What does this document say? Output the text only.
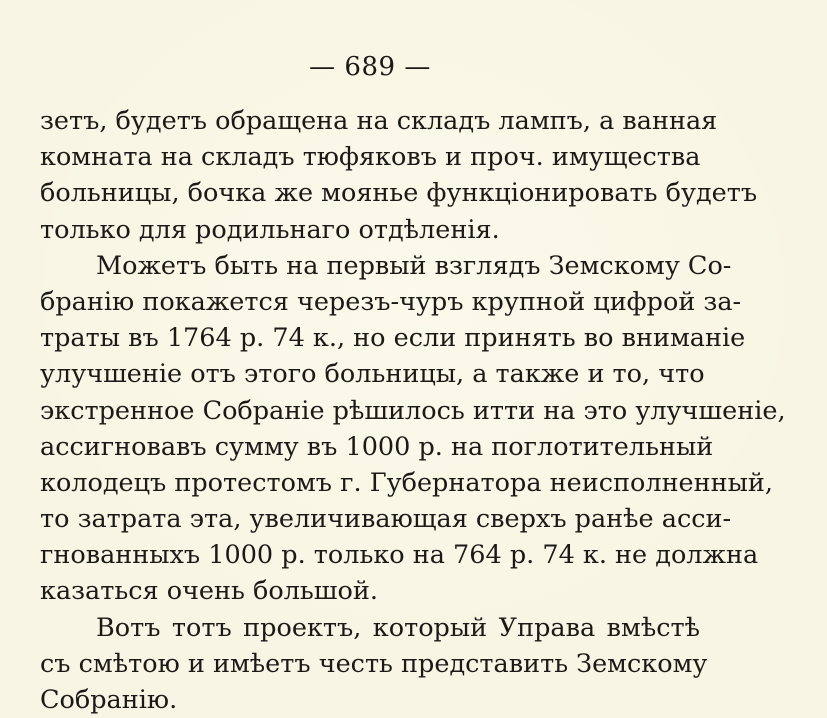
— 689 —
зетъ, будетъ обращена на складъ лампъ, а ванная
комната на складъ тюфяковъ и проч. имущества
больницы, бочка же моянье функціонировать будетъ
только для родильнаго отдѣленія.
Можетъ быть на первый взглядъ Земскому Со-
бранію покажется черезъ-чуръ крупной цифрой за-
траты въ 1764 р. 74 к., но если принять во вниманіе
улучшеніе отъ этого больницы, а также и то, что
экстренное Собраніе рѣшилось итти на это улучшеніе,
ассигновавъ сумму въ 1000 р. на поглотительный
колодецъ протестомъ г. Губернатора неисполненный,
то затрата эта, увеличивающая сверхъ ранѣе асси-
гнованныхъ 1000 р. только на 764 р. 74 к. не должна
казаться очень большой.
Вотъ тотъ проектъ, который Управа вмѣстѣ
съ смѣтою и имѣетъ честь представить Земскому
Собранію.
